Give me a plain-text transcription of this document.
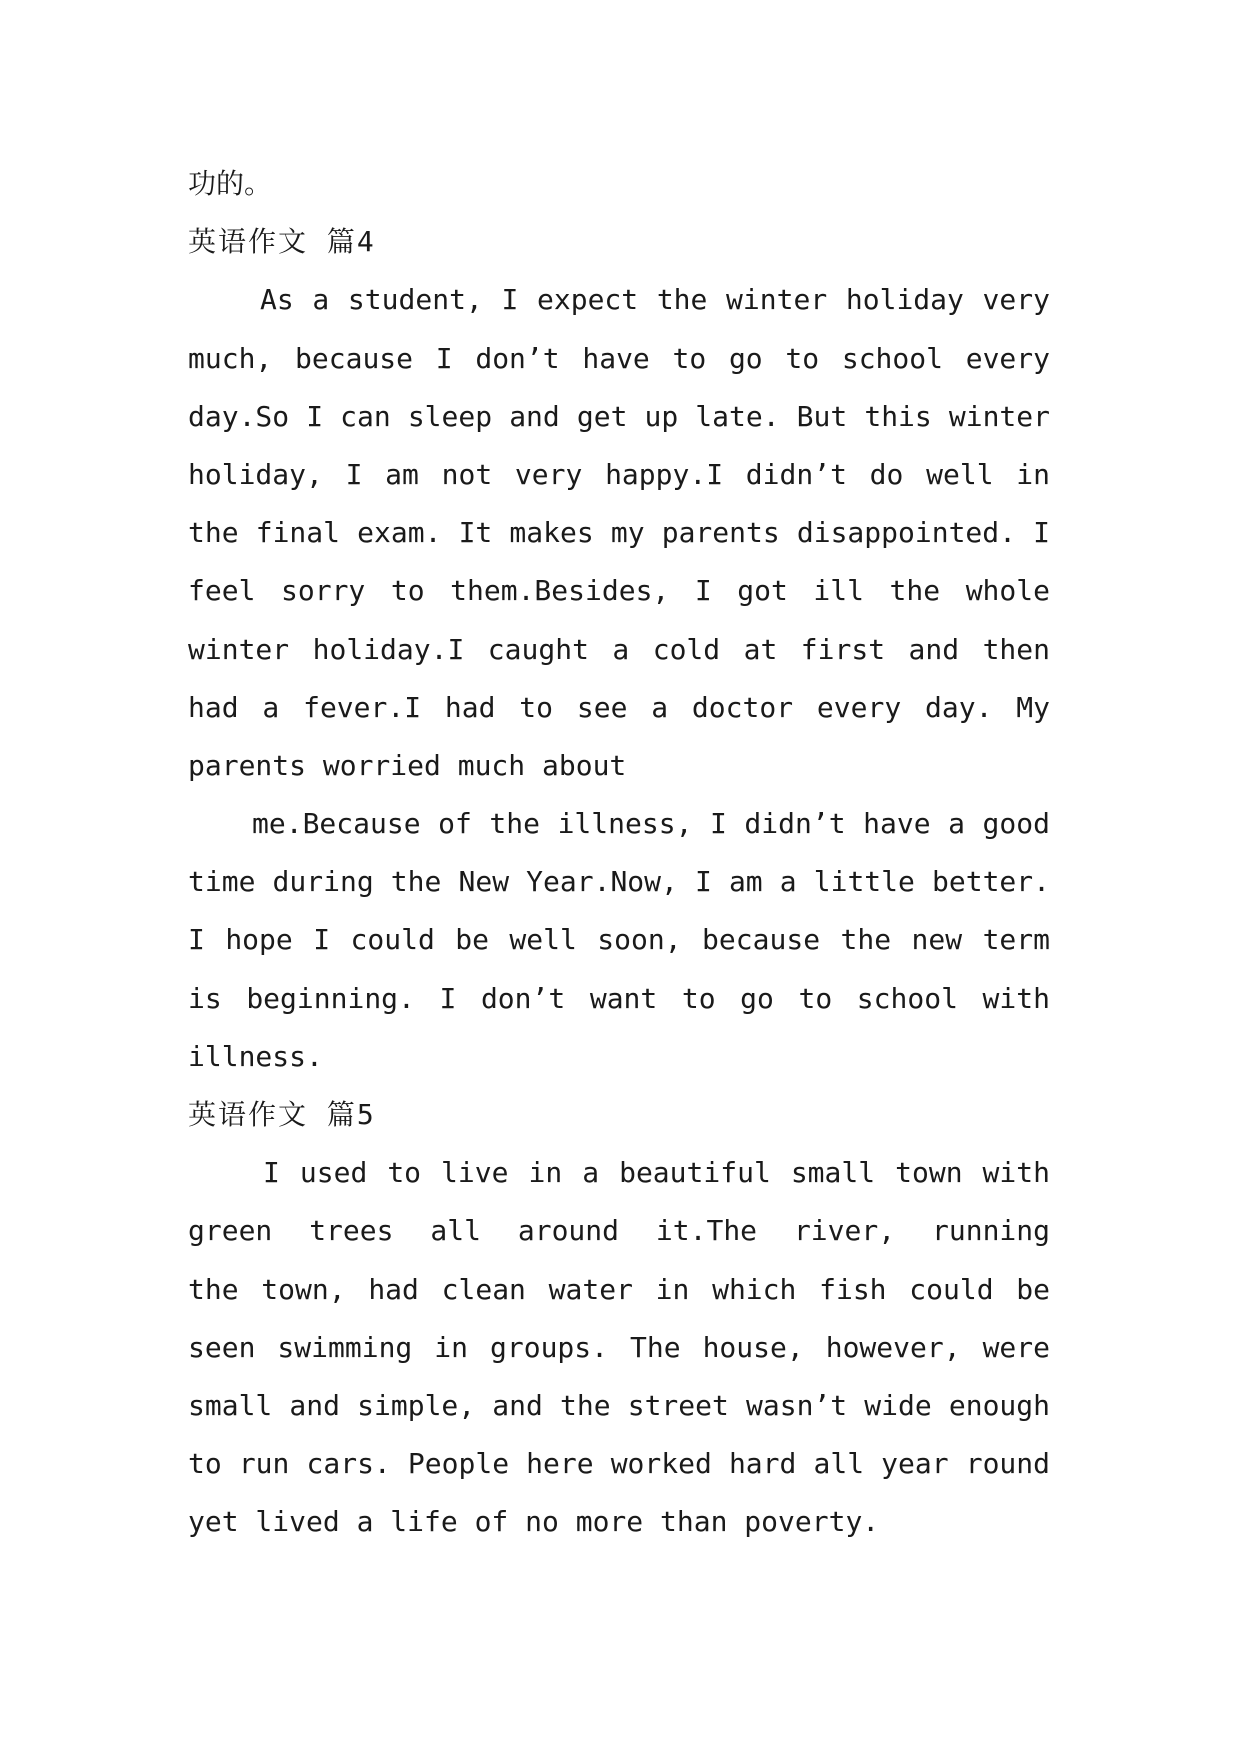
功的。
英语作文 篇4
As a student, I expect the winter holiday very
much, because I don’t have to go to school every
day.So I can sleep and get up late. But this winter
holiday, I am not very happy.I didn’t do well in
the final exam. It makes my parents disappointed. I
feel sorry to them.Besides, I got ill the whole
winter holiday.I caught a cold at first and then
had a fever.I had to see a doctor every day. My
parents worried much about
me.Because of the illness, I didn’t have a good
time during the New Year.Now, I am a little better.
I hope I could be well soon, because the new term
is beginning. I don’t want to go to school with
illness.
英语作文 篇5
I used to live in a beautiful small town with
green trees all around it.The river, running
the town, had clean water in which fish could be
seen swimming in groups. The house, however, were
small and simple, and the street wasn’t wide enough
to run cars. People here worked hard all year round
yet lived a life of no more than poverty.
